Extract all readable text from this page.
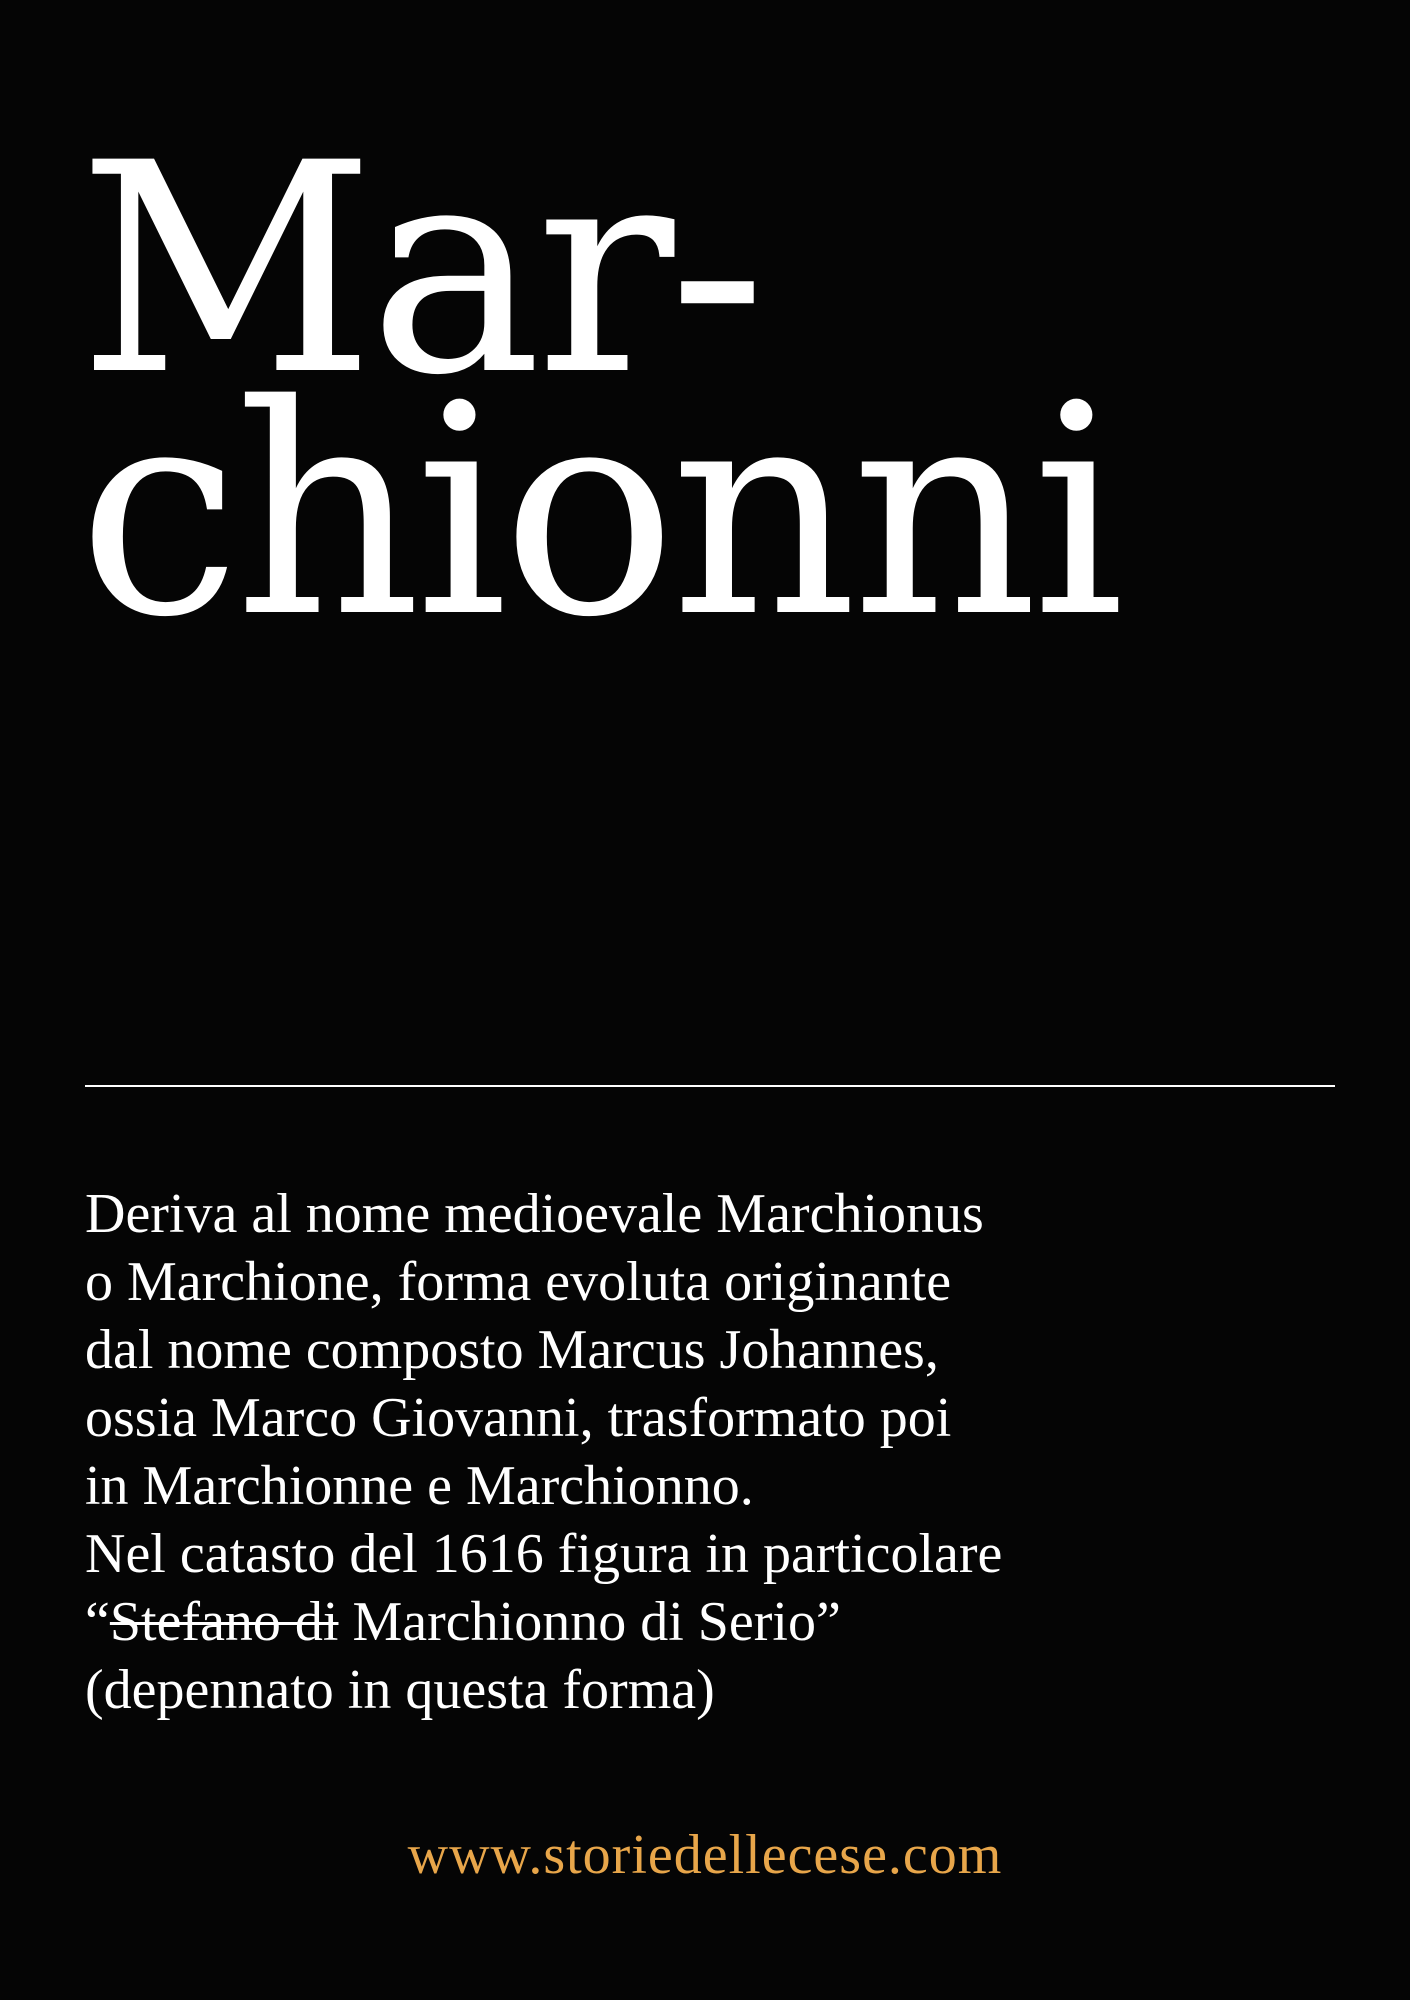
Mar-
chionni
Deriva al nome medioevale Marchionus
o Marchione, forma evoluta originante
dal nome composto Marcus Johannes,
ossia Marco Giovanni, trasformato poi
in Marchionne e Marchionno.
Nel catasto del 1616 figura in particolare
“Stefano di Marchionno di Serio”
(depennato in questa forma)
www.storiedellecese.com
